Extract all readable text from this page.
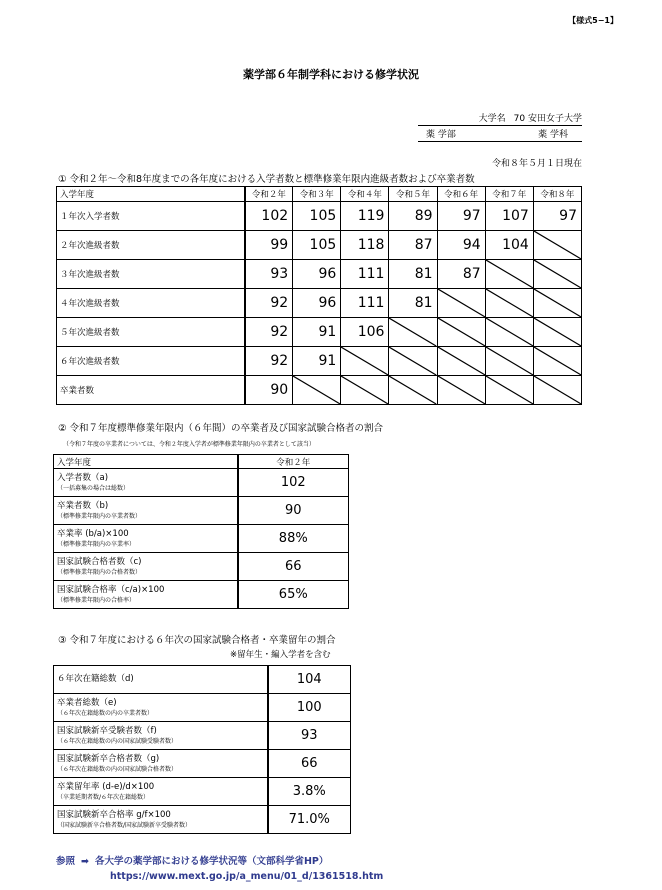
【様式5−1】
薬学部６年制学科における修学状況
大学名 70 安田女子大学
薬 学部	薬 学科
令和８年５月１日現在
① 令和２年〜令和8年度までの各年度における入学者数と標準修業年限内進級者数および卒業者数
入学年度	令和２年	令和３年	令和４年	令和５年	令和６年	令和７年	令和８年
１年次入学者数	102	105	119	89	97	107	97
２年次進級者数	99	105	118	87	94	104	

３年次進級者数	93	96	111	81	87	

４年次進級者数	92	96	111	81	

５年次進級者数	92	91	106	

６年次進級者数	92	91	

卒業者数	90	

② 令和７年度標準修業年限内（６年間）の卒業者及び国家試験合格者の割合
（令和７年度の卒業者については、令和２年度入学者が標準修業年限内の卒業者として該当）
入学年度	令和２年
入学者数（a)
（一括募集の場合は総数）	102
卒業者数（b)
（標準修業年限内の卒業者数）	90
卒業率 (b/a)×100
（標準修業年限内の卒業率）	88%
国家試験合格者数（c)
（標準修業年限内の合格者数）	66
国家試験合格率（c/a)×100
（標準修業年限内の合格率）	65%
③ 令和７年度における６年次の国家試験合格者・卒業留年の割合
※留年生・編入学者を含む
６年次在籍総数（d)	104
卒業者総数（e)
（６年次在籍総数の内の卒業者数）	100
国家試験新卒受験者数（f)
（６年次在籍総数の内の国家試験受験者数）	93
国家試験新卒合格者数（g)
（６年次在籍総数の内の国家試験合格者数）	66
卒業留年率 (d-e)/d×100
（卒業延期者数/６年次在籍総数）	3.8%
国家試験新卒合格率 g/f×100
（国家試験新卒合格者数/国家試験新卒受験者数）	71.0%
参照 ➡ 各大学の薬学部における修学状況等（文部科学省HP）
https://www.mext.go.jp/a_menu/01_d/1361518.htm
